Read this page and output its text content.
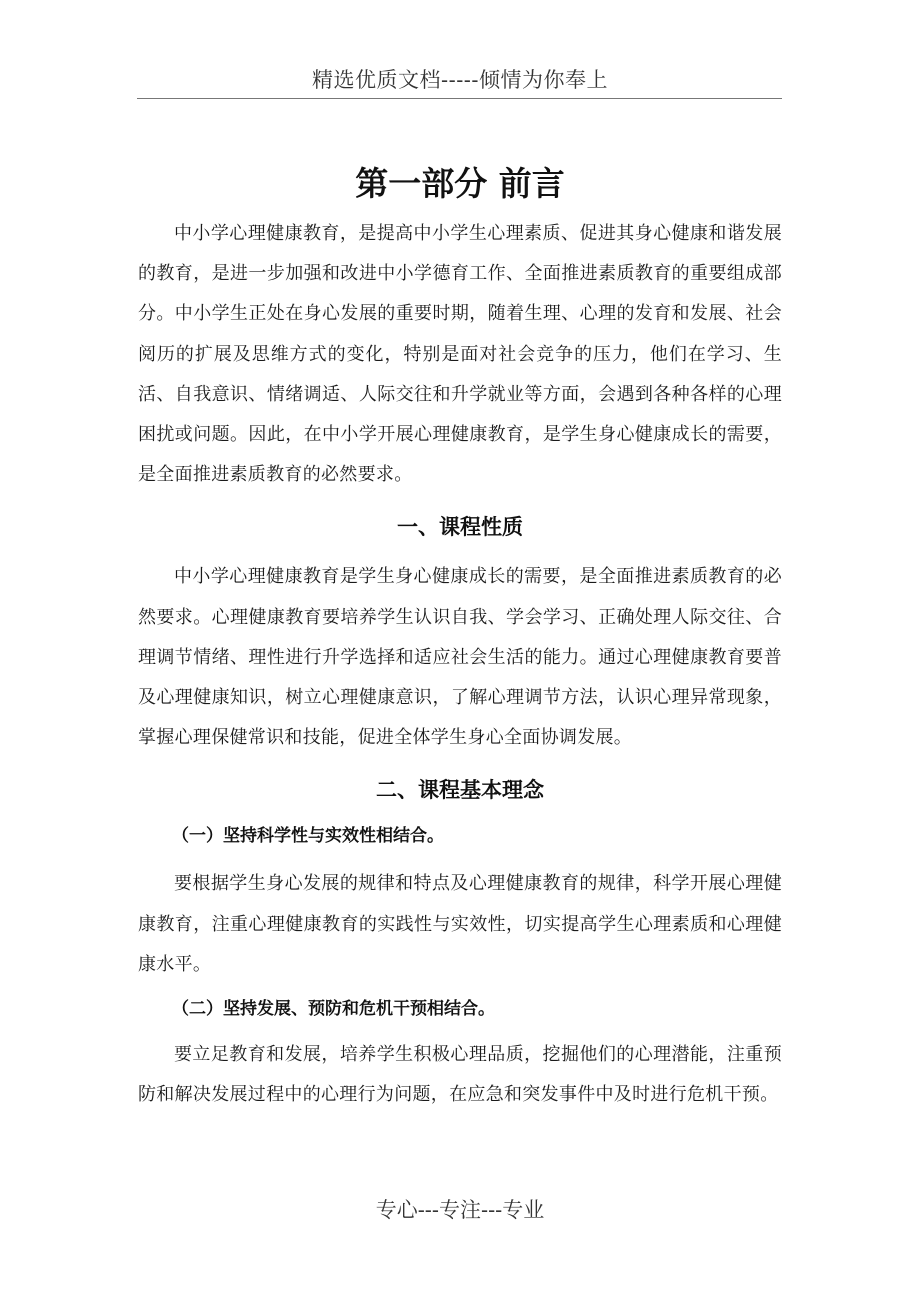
精选优质文档-----倾情为你奉上
第一部分 前言

中小学心理健康教育，是提高中小学生心理素质、促进其身心健康和谐发展的教育，是进一步加强和改进中小学德育工作、全面推进素质教育的重要组成部分。中小学生正处在身心发展的重要时期，随着生理、心理的发育和发展、社会阅历的扩展及思维方式的变化，特别是面对社会竞争的压力，他们在学习、生活、自我意识、情绪调适、人际交往和升学就业等方面，会遇到各种各样的心理困扰或问题。因此，在中小学开展心理健康教育，是学生身心健康成长的需要，是全面推进素质教育的必然要求。

一、课程性质

中小学心理健康教育是学生身心健康成长的需要，是全面推进素质教育的必然要求。心理健康教育要培养学生认识自我、学会学习、正确处理人际交往、合理调节情绪、理性进行升学选择和适应社会生活的能力。通过心理健康教育要普及心理健康知识，树立心理健康意识，了解心理调节方法，认识心理异常现象，掌握心理保健常识和技能，促进全体学生身心全面协调发展。

二、课程基本理念
（一）坚持科学性与实效性相结合。

要根据学生身心发展的规律和特点及心理健康教育的规律，科学开展心理健康教育，注重心理健康教育的实践性与实效性，切实提高学生心理素质和心理健康水平。

（二）坚持发展、预防和危机干预相结合。

要立足教育和发展，培养学生积极心理品质，挖掘他们的心理潜能，注重预防和解决发展过程中的心理行为问题，在应急和突发事件中及时进行危机干预。

专心---专注---专业
